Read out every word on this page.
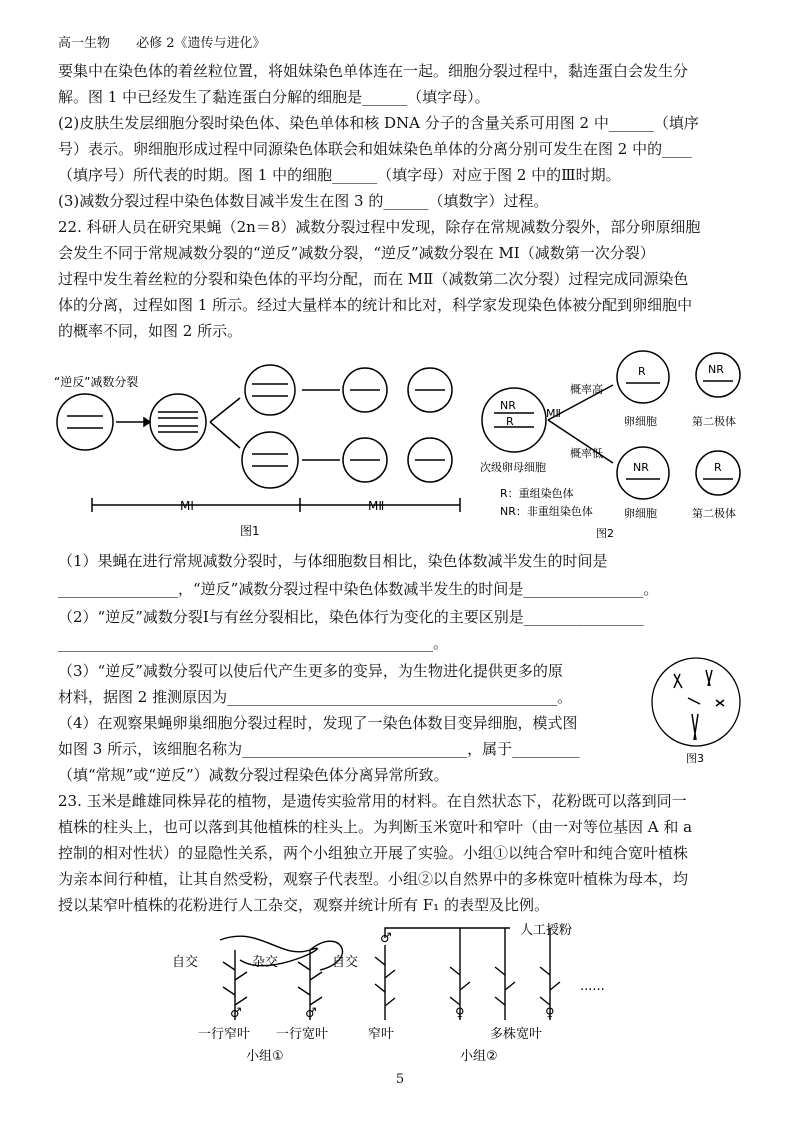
高一生物 必修 2《遗传与进化》
要集中在染色体的着丝粒位置，将姐妹染色单体连在一起。细胞分裂过程中，黏连蛋白会发生分
解。图 1 中已经发生了黏连蛋白分解的细胞是______（填字母）。
(2)皮肤生发层细胞分裂时染色体、染色单体和核 DNA 分子的含量关系可用图 2 中______（填序
号）表示。卵细胞形成过程中同源染色体联会和姐妹染色单体的分离分别可发生在图 2 中的____
（填序号）所代表的时期。图 1 中的细胞______（填字母）对应于图 2 中的Ⅲ时期。
(3)减数分裂过程中染色体数目减半发生在图 3 的______（填数字）过程。
22. 科研人员在研究果蝇（2n＝8）减数分裂过程中发现，除存在常规减数分裂外，部分卵原细胞
会发生不同于常规减数分裂的“逆反”减数分裂，“逆反”减数分裂在 MⅠ（减数第一次分裂）
过程中发生着丝粒的分裂和染色体的平均分配，而在 MⅡ（减数第二次分裂）过程完成同源染色
体的分离，过程如图 1 所示。经过大量样本的统计和比对，科学家发现染色体被分配到卵细胞中
的概率不同，如图 2 所示。
“逆反”减数分裂
MⅠ	MⅡ
图1
NR
R
MⅡ
概率高
概率低
R	NR
NR	R
卵细胞	第二极体
次级卵母细胞
卵细胞	第二极体
R：重组染色体
NR：非重组染色体
图2
（1）果蝇在进行常规减数分裂时，与体细胞数目相比，染色体数减半发生的时间是
________________，“逆反”减数分裂过程中染色体数减半发生的时间是________________。
（2）“逆反”减数分裂Ⅰ与有丝分裂相比，染色体行为变化的主要区别是________________
__________________________________________________。
（3）“逆反”减数分裂可以使后代产生更多的变异，为生物进化提供更多的原
材料，据图 2 推测原因为____________________________________________。
（4）在观察果蝇卵巢细胞分裂过程时，发现了一染色体数目变异细胞，模式图
如图 3 所示，该细胞名称为______________________________，属于_________
（填“常规”或“逆反”）减数分裂过程染色体分离异常所致。
图3
23. 玉米是雌雄同株异花的植物，是遗传实验常用的材料。在自然状态下，花粉既可以落到同一
植株的柱头上，也可以落到其他植株的柱头上。为判断玉米宽叶和窄叶（由一对等位基因 A 和 a
控制的相对性状）的显隐性关系，两个小组独立开展了实验。小组①以纯合窄叶和纯合宽叶植株
为亲本间行种植，让其自然受粉，观察子代表型。小组②以自然界中的多株宽叶植株为母本，均
授以某窄叶植株的花粉进行人工杂交，观察并统计所有 F₁ 的表型及比例。
自交	杂交	自交
人工授粉
......
♂	♂
♂
♀	♀
一行窄叶 一行宽叶	窄叶	多株宽叶
小组①	小组②
5
